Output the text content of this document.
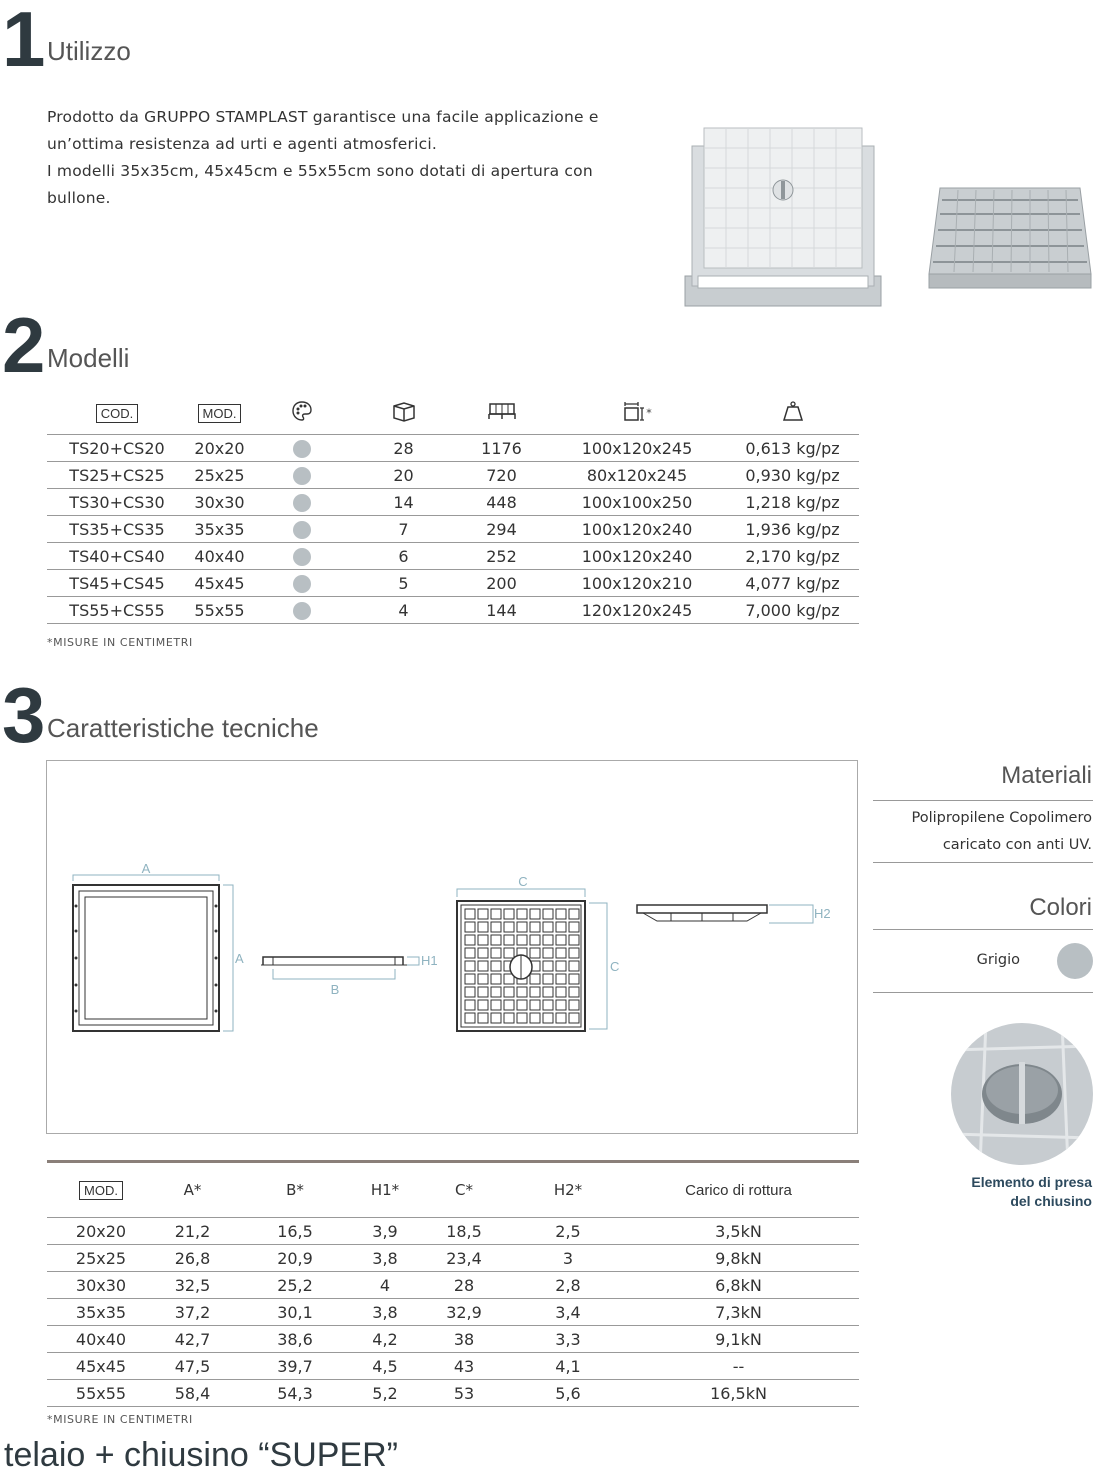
1 Utilizzo

Prodotto da GRUPPO STAMPLAST garantisce una facile applicazione e un’ottima resistenza ad urti e agenti atmosferici.

I modelli 35x35cm, 45x45cm e 55x55cm sono dotati di apertura con bullone.

2 Modelli
COD.	MOD.				*	
TS20+CS20	20x20		28	1176	100x120x245	0,613 kg/pz
TS25+CS25	25x25		20	720	80x120x245	0,930 kg/pz
TS30+CS30	30x30		14	448	100x100x250	1,218 kg/pz
TS35+CS35	35x35		7	294	100x120x240	1,936 kg/pz
TS40+CS40	40x40		6	252	100x120x240	2,170 kg/pz
TS45+CS45	45x45		5	200	100x120x210	4,077 kg/pz
TS55+CS55	55x55		4	144	120x120x245	7,000 kg/pz
*MISURE IN CENTIMETRI
3 Caratteristiche tecniche
A
A
B
H1
C
C
H2
MOD.	A*	B*	H1*	C*	H2*	Carico di rottura
20x20	21,2	16,5	3,9	18,5	2,5	3,5kN
25x25	26,8	20,9	3,8	23,4	3	9,8kN
30x30	32,5	25,2	4	28	2,8	6,8kN
35x35	37,2	30,1	3,8	32,9	3,4	7,3kN
40x40	42,7	38,6	4,2	38	3,3	9,1kN
45x45	47,5	39,7	4,5	43	4,1	--
55x55	58,4	54,3	5,2	53	5,6	16,5kN
*MISURE IN CENTIMETRI
Materiali
Polipropilene Copolimero
caricato con anti UV.
Colori
Grigio
Elemento di presa
del chiusino
telaio + chiusino “SUPER”
